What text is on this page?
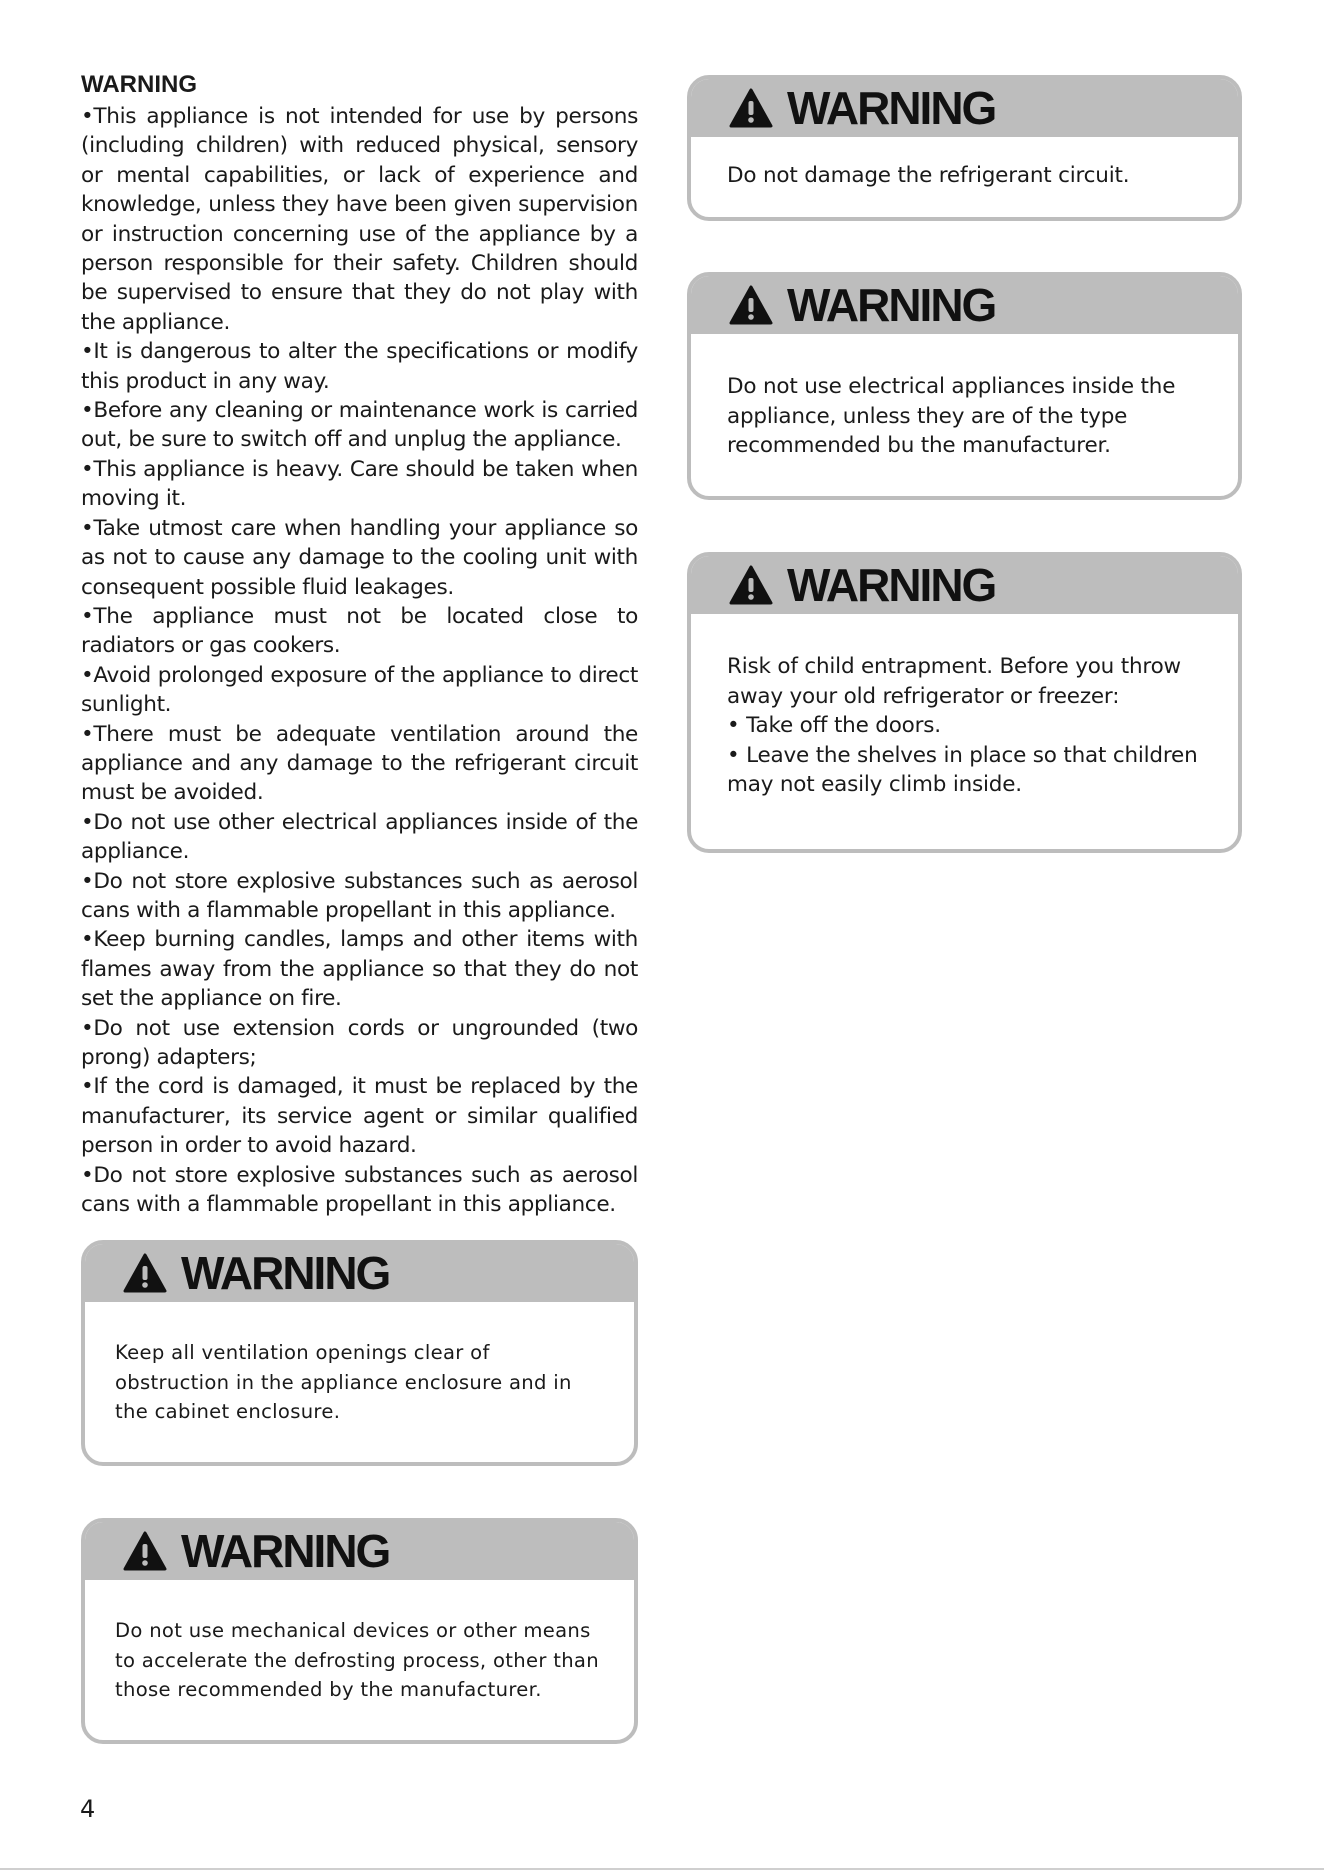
WARNING

•This appliance is not intended for use by persons (including children) with reduced physical, sensory or mental capabilities, or lack of experience and knowledge, unless they have been given supervision or instruction concerning use of the appliance by a person responsible for their safety. Children should be supervised to ensure that they do not play with the appliance.

•It is dangerous to alter the specifications or modify this product in any way.

•Before any cleaning or maintenance work is carried out, be sure to switch off and unplug the appliance.

•This appliance is heavy. Care should be taken when moving it.

•Take utmost care when handling your appliance so as not to cause any damage to the cooling unit with consequent possible fluid leakages.

•The appliance must not be located close to radiators or gas cookers.

•Avoid prolonged exposure of the appliance to direct sunlight.

•There must be adequate ventilation around the appliance and any damage to the refrigerant circuit must be avoided.

•Do not use other electrical appliances inside of the appliance.

•Do not store explosive substances such as aerosol cans with a flammable propellant in this appliance.

•Keep burning candles, lamps and other items with flames away from the appliance so that they do not set the appliance on fire.

•Do not use extension cords or ungrounded (two prong) adapters;

•If the cord is damaged, it must be replaced by the manufacturer, its service agent or similar qualified person in order to avoid hazard.

•Do not store explosive substances such as aerosol cans with a flammable propellant in this appliance.

WARNING

Do not damage the refrigerant circuit.

WARNING

Do not use electrical appliances inside the appliance, unless they are of the type recommended bu the manufacturer.

WARNING

Risk of child entrapment. Before you throw away your old refrigerator or freezer:

• Take off the doors.

• Leave the shelves in place so that children may not easily climb inside.

WARNING

Keep all ventilation openings clear of obstruction in the appliance enclosure and in the cabinet enclosure.

WARNING

Do not use mechanical devices or other means to accelerate the defrosting process, other than those recommended by the manufacturer.

4
